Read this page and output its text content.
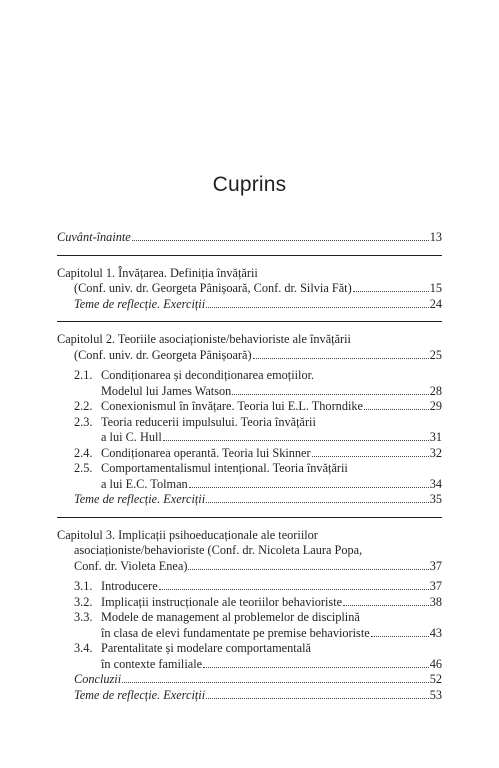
Cuprins
Cuvânt-înainte	13
Capitolul 1. Învățarea. Definiția învățării
(Conf. univ. dr. Georgeta Pânișoară, Conf. dr. Silvia Făt)	15
Teme de reflecție. Exerciții	24
Capitolul 2. Teoriile asociaționiste/behavioriste ale învățării
(Conf. univ. dr. Georgeta Pânișoară)	25
2.1. Condiționarea și decondiționarea emoțiilor.
Modelul lui James Watson	28
2.2. Conexionismul în învățare. Teoria lui E.L. Thorndike	29
2.3. Teoria reducerii impulsului. Teoria învățării
a lui C. Hull	31
2.4. Condiționarea operantă. Teoria lui Skinner	32
2.5. Comportamentalismul intențional. Teoria învățării
a lui E.C. Tolman	34
Teme de reflecție. Exerciții	35
Capitolul 3. Implicații psihoeducaționale ale teoriilor
asociaționiste/behavioriste (Conf. dr. Nicoleta Laura Popa,
Conf. dr. Violeta Enea)	37
3.1. Introducere	37
3.2. Implicații instrucționale ale teoriilor behavioriste	38
3.3. Modele de management al problemelor de disciplină
în clasa de elevi fundamentate pe premise behavioriste	43
3.4. Parentalitate și modelare comportamentală
în contexte familiale	46
Concluzii	52
Teme de reflecție. Exerciții	53
